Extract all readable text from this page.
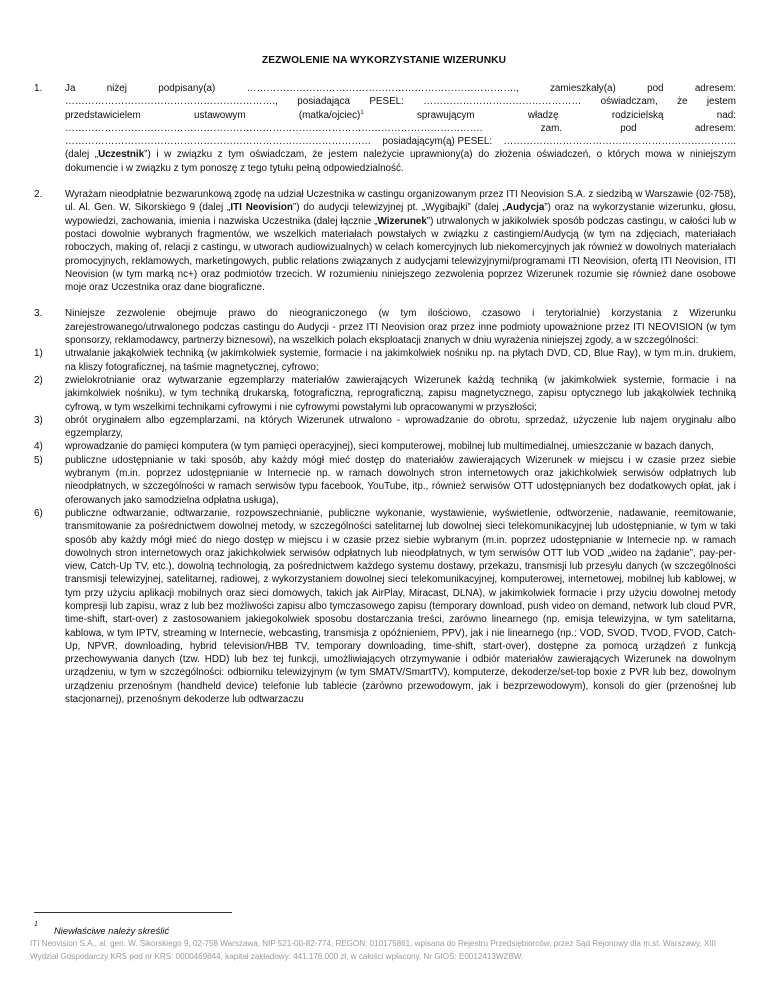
ZEZWOLENIE NA WYKORZYSTANIE WIZERUNKU
1. Ja	niżej	podpisany(a)	……………………………………………………………………….,	zamieszkały(a)	pod	adresem:
………………………………………………………., posiadająca PESEL: ………………………………………… oświadczam, że jestem
przedstawicielem	ustawowym	(matka/ojciec)$^1$	sprawującym	władzę	rodzicielską	nad:
……………………………………………………………………………………………………………….	zam.	pod	adresem:
………………………………………………………………………………… posiadającym(ą) PESEL: ……………………………………………………………..

(dalej „Uczestnik”) i w związku z tym oświadczam, że jestem należycie uprawniony(a) do złożenia oświadczeń, o których mowa w niniejszym dokumencie i w związku z tym ponoszę z tego tytułu pełną odpowiedzialność.

2. Wyrażam nieodpłatnie bezwarunkową zgodę na udział Uczestnika w castingu organizowanym przez ITI Neovision S.A. z siedzibą w Warszawie (02-758), ul. Al. Gen. W. Sikorskiego 9 (dalej „ITI Neovision”) do audycji telewizyjnej pt. „Wygibajki” (dalej „Audycja”) oraz na wykorzystanie wizerunku, głosu, wypowiedzi, zachowania, imienia i nazwiska Uczestnika (dalej łącznie „Wizerunek”) utrwalonych w jakikolwiek sposób podczas castingu, w całości lub w postaci dowolnie wybranych fragmentów, we wszelkich materiałach powstałych w związku z castingiem/Audycją (w tym na zdjęciach, materiałach roboczych, making of, relacji z castingu, w utworach audiowizualnych) w celach komercyjnych lub niekomercyjnych jak również w dowolnych materiałach promocyjnych, reklamowych, marketingowych, public relations związanych z audycjami telewizyjnymi/programami ITI Neovision, ofertą ITI Neovision, ITI Neovision (w tym marką nc+) oraz podmiotów trzecich. W rozumieniu niniejszego zezwolenia poprzez Wizerunek rozumie się również dane osobowe moje oraz Uczestnika oraz dane biograficzne.

3. Niniejsze zezwolenie obejmuje prawo do nieograniczonego (w tym ilościowo, czasowo i terytorialnie) korzystania z Wizerunku zarejestrowanego/utrwalonego podczas castingu do Audycji - przez ITI Neovision oraz przez inne podmioty upoważnione przez ITI NEOVISION (w tym sponsorzy, reklamodawcy, partnerzy biznesowi), na wszelkich polach eksploatacji znanych w dniu wyrażenia niniejszej zgody, a w szczególności:

1) utrwalanie jakąkolwiek techniką (w jakimkolwiek systemie, formacie i na jakimkolwiek nośniku np. na płytach DVD, CD, Blue Ray), w tym m.in. drukiem, na kliszy fotograficznej, na taśmie magnetycznej, cyfrowo;
2) zwielokrotnianie oraz wytwarzanie egzemplarzy materiałów zawierających Wizerunek każdą techniką (w jakimkolwiek systemie, formacie i na jakimkolwiek nośniku), w tym techniką drukarską, fotograficzną, reprograficzną, zapisu magnetycznego, zapisu optycznego lub jakąkolwiek techniką cyfrową, w tym wszelkimi technikami cyfrowymi i nie cyfrowymi powstałymi lub opracowanymi w przyszłości;
3) obrót oryginałem albo egzemplarzami, na których Wizerunek utrwalono - wprowadzanie do obrotu, sprzedaż, użyczenie lub najem oryginału albo egzemplarzy,
4) wprowadzanie do pamięci komputera (w tym pamięci operacyjnej), sieci komputerowej, mobilnej lub multimedialnej, umieszczanie w bazach danych,
5) publiczne udostępnianie w taki sposób, aby każdy mógł mieć dostęp do materiałów zawierających Wizerunek w miejscu i w czasie przez siebie wybranym (m.in. poprzez udostępnianie w Internecie np. w ramach dowolnych stron internetowych oraz jakichkolwiek serwisów odpłatnych lub nieodpłatnych, w szczególności w ramach serwisów typu facebook, YouTube, itp., również serwisów OTT udostępnianych bez dodatkowych opłat, jak i oferowanych jako samodzielna odpłatna usługa),
6) publiczne odtwarzanie, odtwarzanie, rozpowszechnianie, publiczne wykonanie, wystawienie, wyświetlenie, odtworzenie, nadawanie, reemitowanie, transmitowanie za pośrednictwem dowolnej metody, w szczególności satelitarnej lub dowolnej sieci telekomunikacyjnej lub udostępnianie, w tym w taki sposób aby każdy mógł mieć do niego dostęp w miejscu i w czasie przez siebie wybranym (m.in. poprzez udostępnianie w Internecie np. w ramach dowolnych stron internetowych oraz jakichkolwiek serwisów odpłatnych lub nieodpłatnych, w tym serwisów OTT lub VOD „wideo na żądanie”, pay-per-view, Catch-Up TV, etc.), dowolną technologią, za pośrednictwem każdego systemu dostawy, przekazu, transmisji lub przesyłu danych (w szczególności transmisji telewizyjnej, satelitarnej, radiowej, z wykorzystaniem dowolnej sieci telekomunikacyjnej, komputerowej, internetowej, mobilnej lub kablowej, w tym przy użyciu aplikacji mobilnych oraz sieci domowych, takich jak AirPlay, Miracast, DLNA), w jakimkolwiek formacie i przy użyciu dowolnej metody kompresji lub zapisu, wraz z lub bez możliwości zapisu albo tymczasowego zapisu (temporary download, push video on demand, network lub cloud PVR, time-shift, start-over) z zastosowaniem jakiegokolwiek sposobu dostarczania treści, zarówno linearnego (np. emisja telewizyjna, w tym satelitarna, kablowa, w tym IPTV, streaming w Internecie, webcasting, transmisja z opóźnieniem, PPV), jak i nie linearnego (np.: VOD, SVOD, TVOD, FVOD, Catch-Up, NPVR, downloading, hybrid television/HBB TV, temporary downloading, time-shift, start-over), dostępne za pomocą urządzeń z funkcją przechowywania danych (tzw. HDD) lub bez tej funkcji, umożliwiających otrzymywanie i odbiór materiałów zawierających Wizerunek na dowolnym urządzeniu, w tym w szczególności: odbiorniku telewizyjnym (w tym SMATV/SmartTV), komputerze, dekoderze/set-top boxie z PVR lub bez, dowolnym urządzeniu przenośnym (handheld device) telefonie lub tablecie (zarówno przewodowym, jak i bezprzewodowym), konsoli do gier (przenośnej lub stacjonarnej), przenośnym dekoderze lub odtwarzaczu
1
Niewłaściwe należy skreślić
ITI Neovision S.A., al. gen. W. Sikorskiego 9, 02-758 Warszawa, NIP 521-00-82-774, REGON: 010175861, wpisana do Rejestru Przedsiębiorców, przez Sąd Rejonowy dla m.st. Warszawy, XIII Wydział Gospodarczy KRS pod nr KRS: 0000469644, kapitał zakładowy: 441.176.000 zł, w całości wpłacony, Nr GIOŚ: E0012413WZBW.
